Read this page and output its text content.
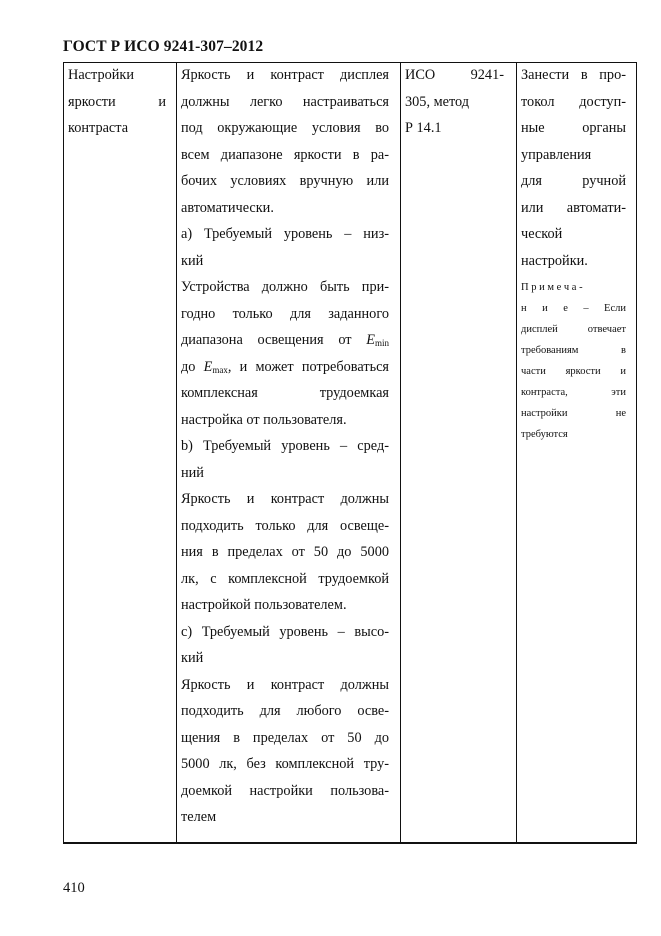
ГОСТ Р ИСО 9241-307–2012

Настройки

яркости и

контраста

Яркость и контраст дисплея

должны легко настраиваться

под окружающие условия во

всем диапазоне яркости в ра-

бочих условиях вручную или

автоматически.

a) Требуемый уровень – низ-

кий

Устройства должно быть при-

годно только для заданного

диапазона освещения от $E_{min}$

до $E_{max}$, и может потребоваться

комплексная трудоемкая

настройка от пользователя.

b) Требуемый уровень – сред-

ний

Яркость и контраст должны

подходить только для освеще-

ния в пределах от 50 до 5000

лк, с комплексной трудоемкой

настройкой пользователем.

c) Требуемый уровень – высо-

кий

Яркость и контраст должны

подходить для любого осве-

щения в пределах от 50 до

5000 лк, без комплексной тру-

доемкой настройки пользова-

телем

ИСО 9241-

305, метод

Р 14.1

Занести в про-

токол доступ-

ные органы

управления

для ручной

или автомати-

ческой

настройки.

П р и м е ч а -

н и е – Если

дисплей отвечает

требованиям в

части яркости и

контраста, эти

настройки не

требуются

410
